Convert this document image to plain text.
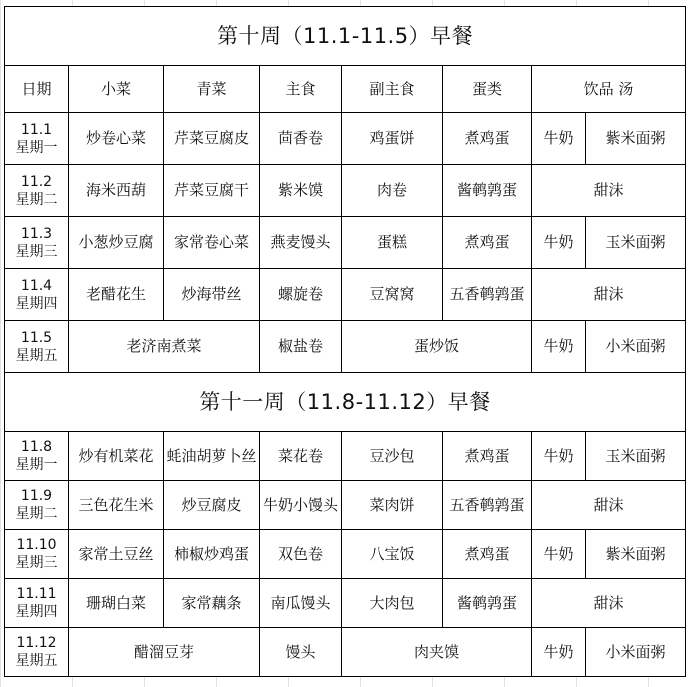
第十周（11.1-11.5）早餐							
日期	小菜	青菜	主食	副主食	蛋类	饮品 汤	

11.1
星期一	炒卷心菜	芹菜豆腐皮	茴香卷	鸡蛋饼	煮鸡蛋	牛奶	紫米面粥

11.2
星期二	海米西葫	芹菜豆腐干	紫米馍	肉卷	酱鹌鹑蛋	甜沫	

11.3
星期三	小葱炒豆腐	家常卷心菜	燕麦馒头	蛋糕	煮鸡蛋	牛奶	玉米面粥

11.4
星期四	老醋花生	炒海带丝	螺旋卷	豆窝窝	五香鹌鹑蛋	甜沫	

11.5
星期五	老济南煮菜		椒盐卷	蛋炒饭		牛奶	小米面粥
第十一周（11.8-11.12）早餐							

11.8
星期一	炒有机菜花	蚝油胡萝卜丝	菜花卷	豆沙包	煮鸡蛋	牛奶	玉米面粥

11.9
星期二	三色花生米	炒豆腐皮	牛奶小馒头	菜肉饼	五香鹌鹑蛋	甜沫	

11.10
星期三	家常土豆丝	柿椒炒鸡蛋	双色卷	八宝饭	煮鸡蛋	牛奶	紫米面粥

11.11
星期四	珊瑚白菜	家常藕条	南瓜馒头	大肉包	酱鹌鹑蛋	甜沫	

11.12
星期五	醋溜豆芽		馒头	肉夹馍		牛奶	小米面粥
